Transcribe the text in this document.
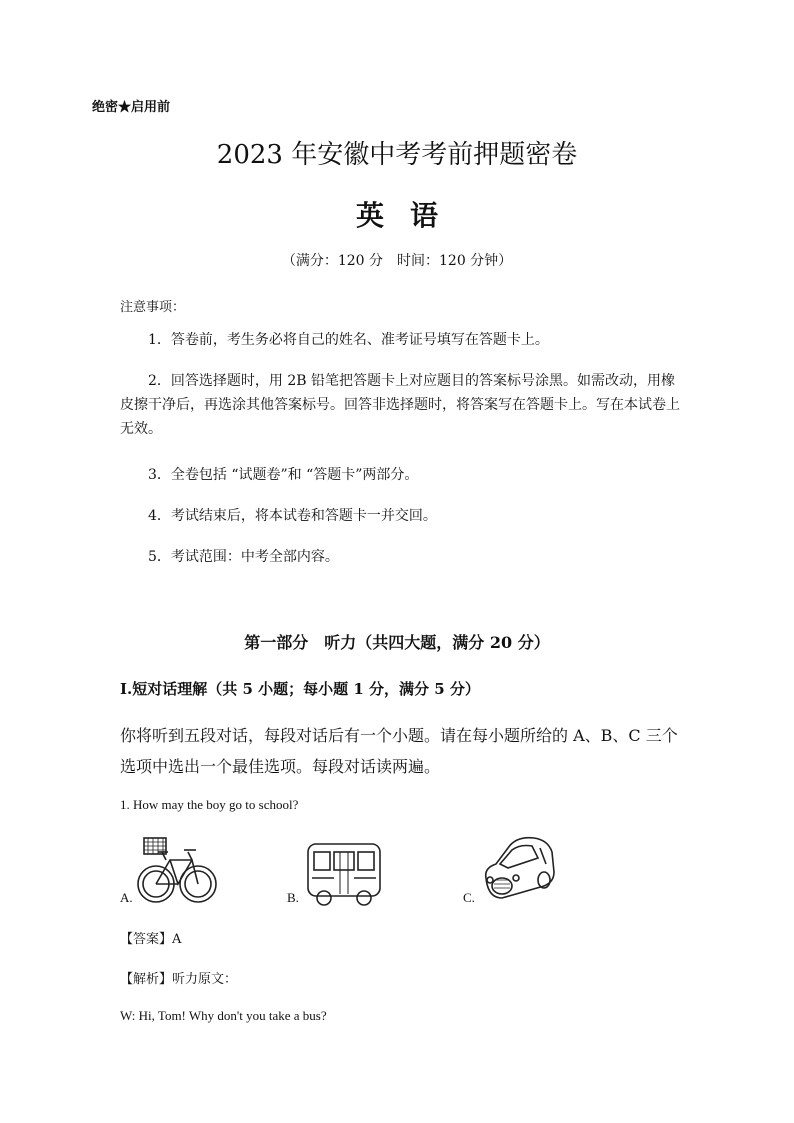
绝密★启用前
2023 年安徽中考考前押题密卷
英语
（满分：120 分　时间：120 分钟）
注意事项：
1．答卷前，考生务必将自己的姓名、准考证号填写在答题卡上。
2．回答选择题时，用 2B 铅笔把答题卡上对应题目的答案标号涂黑。如需改动，用橡皮擦干净后，再选涂其他答案标号。回答非选择题时，将答案写在答题卡上。写在本试卷上无效。
3．全卷包括 “试题卷”和 “答题卡”两部分。
4．考试结束后，将本试卷和答题卡一并交回。
5．考试范围：中考全部内容。
第一部分　听力（共四大题，满分 20 分）
Ⅰ.短对话理解（共 5 小题；每小题 1 分，满分 5 分）
你将听到五段对话，每段对话后有一个小题。请在每小题所给的 A、B、C 三个选项中选出一个最佳选项。每段对话读两遍。
1. How may the boy go to school?
A.	B.	C.
【答案】A
【解析】听力原文：
W: Hi, Tom! Why don't you take a bus?
